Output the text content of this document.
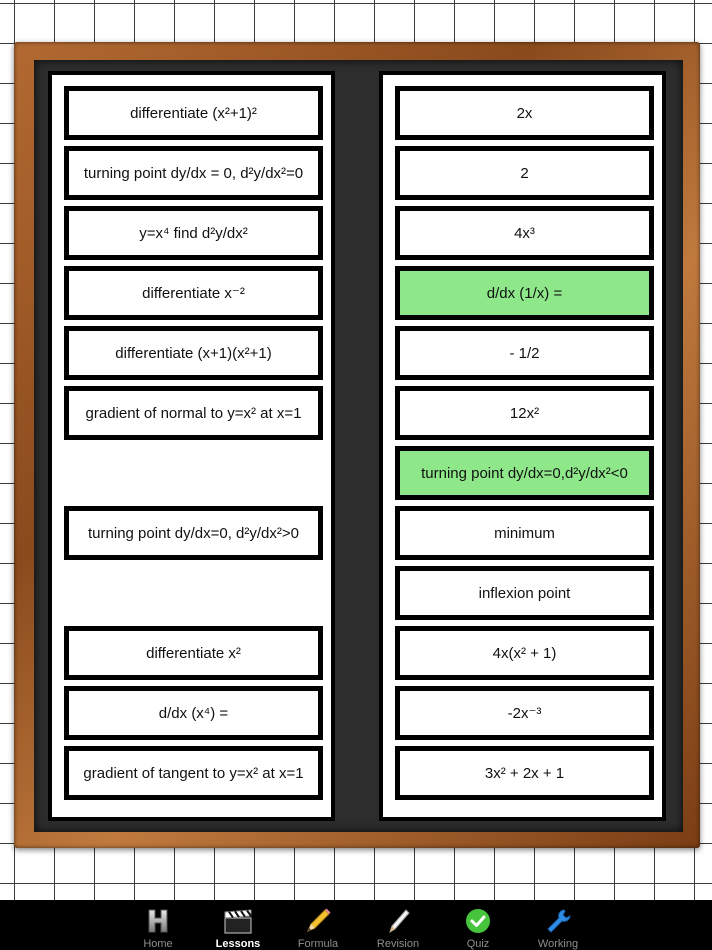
differentiate (x²+1)²
turning point dy/dx = 0, d²y/dx²=0
y=x⁴ find d²y/dx²
differentiate x⁻²
differentiate (x+1)(x²+1)
gradient of normal to y=x² at x=1
turning point dy/dx=0, d²y/dx²>0
differentiate x²
d/dx (x⁴) =
gradient of tangent to y=x² at x=1
2x
2
4x³
d/dx (1/x) =
- 1/2
12x²
turning point dy/dx=0,d²y/dx²<0
minimum
inflexion point
4x(x² + 1)
-2x⁻³
3x² + 2x + 1
Home	Lessons	Formula	Revision	Quiz	Working
